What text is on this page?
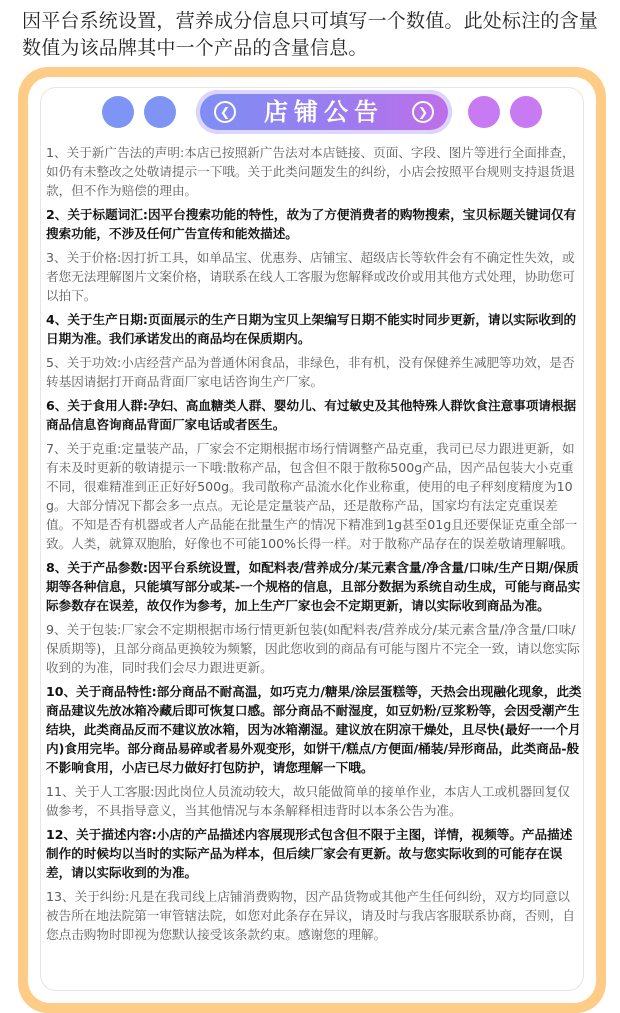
因平台系统设置，营养成分信息只可填写一个数值。此处标注的含量数值为该品牌其中一个产品的含量信息。
❮	店铺公告	❯
1、关于新广告法的声明:本店已按照新广告法对本店链接、页面、字段、图片等进行全面排查，如仍有未整改之处敬请提示一下哦。关于此类问题发生的纠纷，小店会按照平台规则支持退货退款，但不作为赔偿的理由。
2、关于标题词汇:因平台搜索功能的特性，故为了方便消费者的购物搜索，宝贝标题关键词仅有搜索功能，不涉及任何广告宣传和能效描述。
3、关于价格:因打折工具，如单品宝、优惠券、店铺宝、超级店长等软件会有不确定性失效，或者您无法理解图片文案价格，请联系在线人工客服为您解释或改价或用其他方式处理，协助您可以拍下。
4、关于生产日期:页面展示的生产日期为宝贝上架编写日期不能实时同步更新，请以实际收到的日期为准。我们承诺发出的商品均在保质期内。
5、关于功效:小店经营产品为普通休闲食品，非绿色，非有机，没有保健养生减肥等功效，是否转基因请据打开商品背面厂家电话咨询生产厂家。
6、关于食用人群:孕妇、高血糖类人群、婴幼儿、有过敏史及其他特殊人群饮食注意事项请根据商品信息咨询商品背面厂家电话或者医生。
7、关于克重:定量装产品，厂家会不定期根据市场行情调整产品克重，我司已尽力跟进更新，如有未及时更新的敬请提示一下哦:散称产品，包含但不限于散称500g产品，因产品包装大小克重不同，很难精准到正正好好500g。我司散称产品流水化作业称重，使用的电子秤刻度精度为10g。大部分情况下都会多一点点。无论是定量装产品，还是散称产品，国家均有法定克重误差值。不知是否有机器或者人产品能在批量生产的情况下精准到1g甚至01g且还要保证克重全部一致。人类，就算双胞胎，好像也不可能100%长得一样。对于散称产品存在的误差敬请理解哦。
8、关于产品参数:因平台系统设置，如配料表/营养成分/某元素含量/净含量/口味/生产日期/保质期等各种信息，只能填写部分或某-一个规格的信息，且部分数据为系统自动生成，可能与商品实际参数存在误差，故仅作为参考，加上生产厂家也会不定期更新，请以实际收到商品为准。
9、关于包装:厂家会不定期根据市场行情更新包装(如配料表/营养成分/某元素含量/净含量/口味/保质期等)，且部分商品更换较为频繁，因此您收到的商品有可能与图片不完全一致，请以您实际收到的为准，同时我们会尽力跟进更新。
10、关于商品特性:部分商品不耐高温，如巧克力/糖果/涂层蛋糕等，天热会出现融化现象，此类商品建议先放冰箱冷藏后即可恢复口感。部分商品不耐湿度，如豆奶粉/豆浆粉等，会因受潮产生结块，此类商品反而不建议放冰箱，因为冰箱潮湿。建议放在阴凉干燥处，且尽快(最好一一个月内)食用完毕。部分商品易碎或者易外观变形，如饼干/糕点/方便面/桶装/异形商品，此类商品-般不影响食用，小店已尽力做好打包防护，请您理解一下哦。
11、关于人工客服:因此岗位人员流动较大，故只能做简单的接单作业，本店人工或机器回复仅做参考，不具指导意义，当其他情况与本条解释相违背时以本条公告为准。
12、关于描述内容:小店的产品描述内容展现形式包含但不限于主图，详情，视频等。产品描述制作的时候均以当时的实际产品为样本，但后续厂家会有更新。故与您实际收到的可能存在误差，请以实际收到的为准。
13、关于纠纷:凡是在我司线上店铺消费购物，因产品货物或其他产生任何纠纷，双方均同意以被告所在地法院第一审管辖法院，如您对此条存在异议，请及时与我店客服联系协商，否则，自您点击购物时即视为您默认接受该条款约束。感谢您的理解。
